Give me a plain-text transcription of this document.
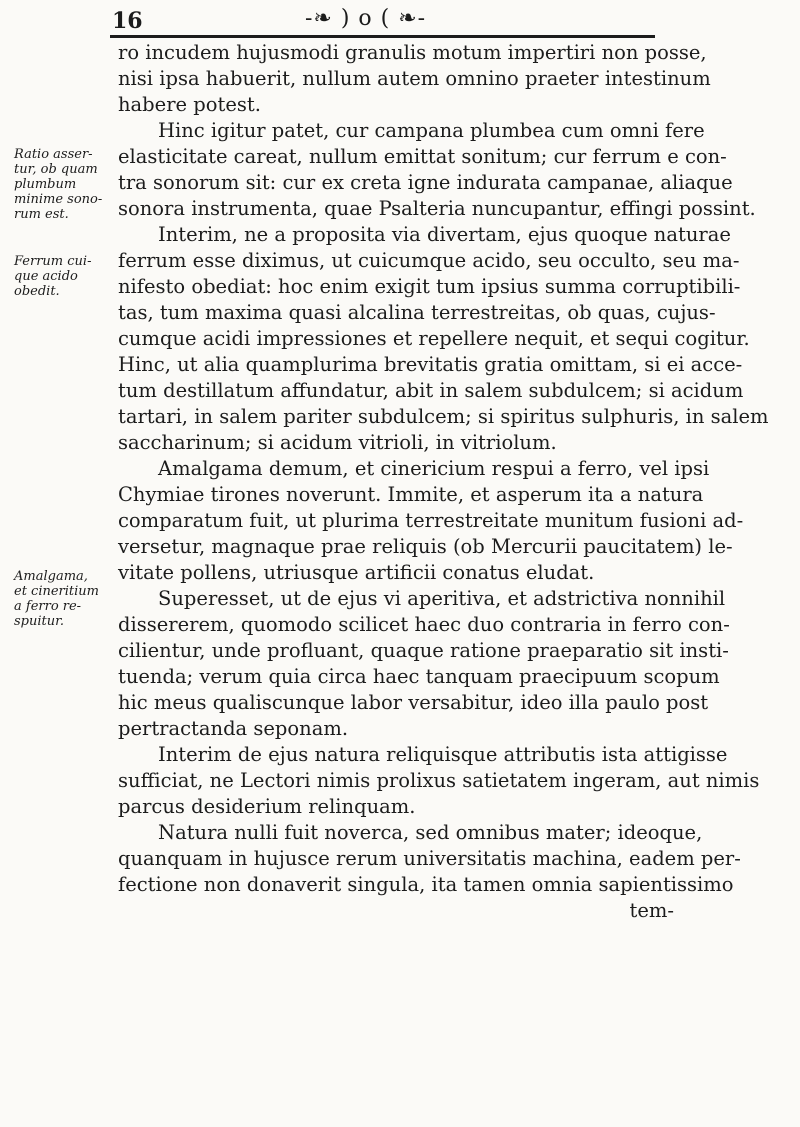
16	-❧ ) o ( ❧-
Ratio asser-
tur, ob quam
plumbum
minime sono-
rum est.
Ferrum cui-
que acido
obedit.
Amalgama,
et cineritium
a ferro re-
spuitur.
ro incudem hujusmodi granulis motum impertiri non posse,
nisi ipsa habuerit, nullum autem omnino praeter intestinum
habere potest.
Hinc igitur patet, cur campana plumbea cum omni fere
elasticitate careat, nullum emittat sonitum; cur ferrum e con-
tra sonorum sit: cur ex creta igne indurata campanae, aliaque
sonora instrumenta, quae Psalteria nuncupantur, effingi possint.
Interim, ne a proposita via divertam, ejus quoque naturae
ferrum esse diximus, ut cuicumque acido, seu occulto, seu ma-
nifesto obediat: hoc enim exigit tum ipsius summa corruptibili-
tas, tum maxima quasi alcalina terrestreitas, ob quas, cujus-
cumque acidi impressiones et repellere nequit, et sequi cogitur.
Hinc, ut alia quamplurima brevitatis gratia omittam, si ei acce-
tum destillatum affundatur, abit in salem subdulcem; si acidum
tartari, in salem pariter subdulcem; si spiritus sulphuris, in salem
saccharinum; si acidum vitrioli, in vitriolum.
Amalgama demum, et cinericium respui a ferro, vel ipsi
Chymiae tirones noverunt. Immite, et asperum ita a natura
comparatum fuit, ut plurima terrestreitate munitum fusioni ad-
versetur, magnaque prae reliquis (ob Mercurii paucitatem) le-
vitate pollens, utriusque artificii conatus eludat.
Superesset, ut de ejus vi aperitiva, et adstrictiva nonnihil
dissererem, quomodo scilicet haec duo contraria in ferro con-
cilientur, unde profluant, quaque ratione praeparatio sit insti-
tuenda; verum quia circa haec tanquam praecipuum scopum
hic meus qualiscunque labor versabitur, ideo illa paulo post
pertractanda seponam.
Interim de ejus natura reliquisque attributis ista attigisse
sufficiat, ne Lectori nimis prolixus satietatem ingeram, aut nimis
parcus desiderium relinquam.
Natura nulli fuit noverca, sed omnibus mater; ideoque,
quanquam in hujusce rerum universitatis machina, eadem per-
fectione non donaverit singula, ita tamen omnia sapientissimo
tem-
